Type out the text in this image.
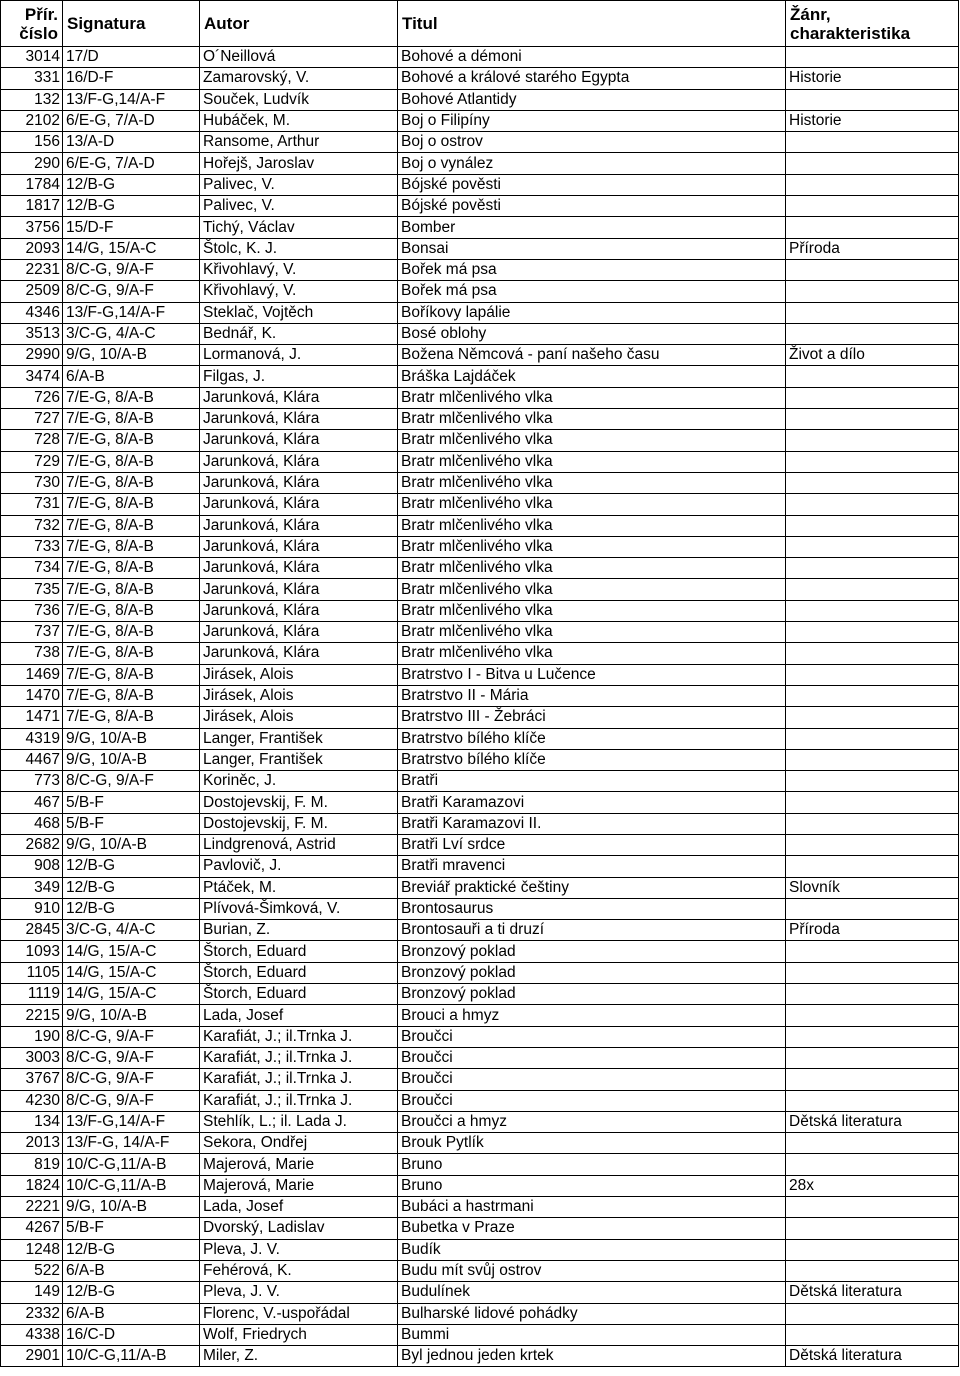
Přír. číslo	Signatura	Autor	Titul	Žánr, charakteristika
3014	17/D	O´Neillová	Bohové a démoni	
331	16/D-F	Zamarovský, V.	Bohové a králové starého Egypta	Historie
132	13/F-G,14/A-F	Souček, Ludvík	Bohové Atlantidy	
2102	6/E-G, 7/A-D	Hubáček, M.	Boj o Filipíny	Historie
156	13/A-D	Ransome, Arthur	Boj o ostrov	
290	6/E-G, 7/A-D	Hořejš, Jaroslav	Boj o vynález	
1784	12/B-G	Palivec, V.	Bójské pověsti	
1817	12/B-G	Palivec, V.	Bójské pověsti	
3756	15/D-F	Tichý, Václav	Bomber	
2093	14/G, 15/A-C	Štolc, K. J.	Bonsai	Příroda
2231	8/C-G, 9/A-F	Křivohlavý, V.	Bořek má psa	
2509	8/C-G, 9/A-F	Křivohlavý, V.	Bořek má psa	
4346	13/F-G,14/A-F	Steklač, Vojtěch	Boříkovy lapálie	
3513	3/C-G, 4/A-C	Bednář, K.	Bosé oblohy	
2990	9/G, 10/A-B	Lormanová, J.	Božena Němcová - paní našeho času	Život a dílo
3474	6/A-B	Filgas, J.	Bráška Lajdáček	
726	7/E-G, 8/A-B	Jarunková, Klára	Bratr mlčenlivého vlka	
727	7/E-G, 8/A-B	Jarunková, Klára	Bratr mlčenlivého vlka	
728	7/E-G, 8/A-B	Jarunková, Klára	Bratr mlčenlivého vlka	
729	7/E-G, 8/A-B	Jarunková, Klára	Bratr mlčenlivého vlka	
730	7/E-G, 8/A-B	Jarunková, Klára	Bratr mlčenlivého vlka	
731	7/E-G, 8/A-B	Jarunková, Klára	Bratr mlčenlivého vlka	
732	7/E-G, 8/A-B	Jarunková, Klára	Bratr mlčenlivého vlka	
733	7/E-G, 8/A-B	Jarunková, Klára	Bratr mlčenlivého vlka	
734	7/E-G, 8/A-B	Jarunková, Klára	Bratr mlčenlivého vlka	
735	7/E-G, 8/A-B	Jarunková, Klára	Bratr mlčenlivého vlka	
736	7/E-G, 8/A-B	Jarunková, Klára	Bratr mlčenlivého vlka	
737	7/E-G, 8/A-B	Jarunková, Klára	Bratr mlčenlivého vlka	
738	7/E-G, 8/A-B	Jarunková, Klára	Bratr mlčenlivého vlka	
1469	7/E-G, 8/A-B	Jirásek, Alois	Bratrstvo I - Bitva u Lučence	
1470	7/E-G, 8/A-B	Jirásek, Alois	Bratrstvo II - Mária	
1471	7/E-G, 8/A-B	Jirásek, Alois	Bratrstvo III - Žebráci	
4319	9/G, 10/A-B	Langer, František	Bratrstvo bílého klíče	
4467	9/G, 10/A-B	Langer, František	Bratrstvo bílého klíče	
773	8/C-G, 9/A-F	Koriněc, J.	Bratři	
467	5/B-F	Dostojevskij, F. M.	Bratři Karamazovi	
468	5/B-F	Dostojevskij, F. M.	Bratři Karamazovi II.	
2682	9/G, 10/A-B	Lindgrenová, Astrid	Bratři Lví srdce	
908	12/B-G	Pavlovič, J.	Bratři mravenci	
349	12/B-G	Ptáček, M.	Breviář praktické češtiny	Slovník
910	12/B-G	Plívová-Šimková, V.	Brontosaurus	
2845	3/C-G, 4/A-C	Burian, Z.	Brontosauři a ti druzí	Příroda
1093	14/G, 15/A-C	Štorch, Eduard	Bronzový poklad	
1105	14/G, 15/A-C	Štorch, Eduard	Bronzový poklad	
1119	14/G, 15/A-C	Štorch, Eduard	Bronzový poklad	
2215	9/G, 10/A-B	Lada, Josef	Brouci a hmyz	
190	8/C-G, 9/A-F	Karafiát, J.; il.Trnka J.	Broučci	
3003	8/C-G, 9/A-F	Karafiát, J.; il.Trnka J.	Broučci	
3767	8/C-G, 9/A-F	Karafiát, J.; il.Trnka J.	Broučci	
4230	8/C-G, 9/A-F	Karafiát, J.; il.Trnka J.	Broučci	
134	13/F-G,14/A-F	Stehlík, L.; il. Lada J.	Broučci a hmyz	Dětská literatura
2013	13/F-G, 14/A-F	Sekora, Ondřej	Brouk Pytlík	
819	10/C-G,11/A-B	Majerová, Marie	Bruno	
1824	10/C-G,11/A-B	Majerová, Marie	Bruno	28x
2221	9/G, 10/A-B	Lada, Josef	Bubáci a hastrmani	
4267	5/B-F	Dvorský, Ladislav	Bubetka v Praze	
1248	12/B-G	Pleva, J. V.	Budík	
522	6/A-B	Fehérová, K.	Budu mít svůj ostrov	
149	12/B-G	Pleva, J. V.	Budulínek	Dětská literatura
2332	6/A-B	Florenc, V.-uspořádal	Bulharské lidové pohádky	
4338	16/C-D	Wolf, Friedrych	Bummi	
2901	10/C-G,11/A-B	Miler, Z.	Byl jednou jeden krtek	Dětská literatura
